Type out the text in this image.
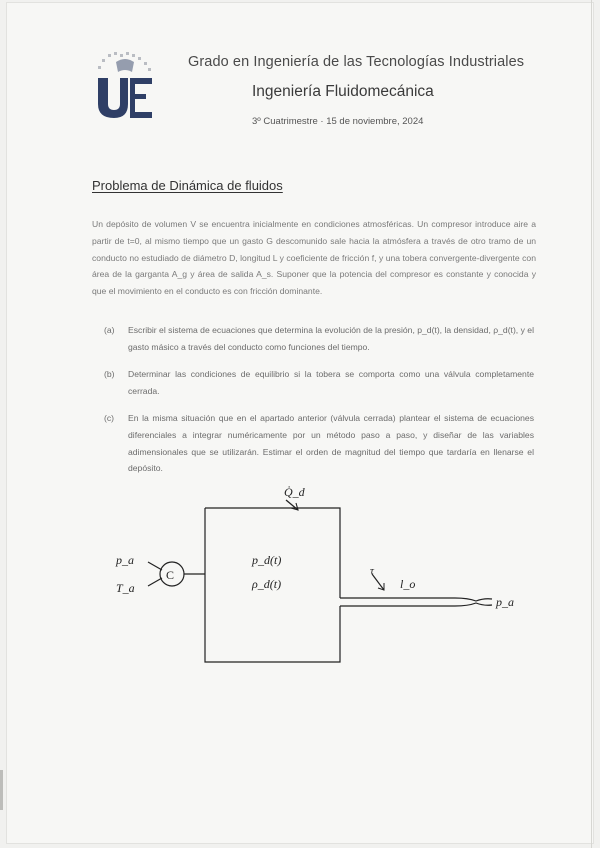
Grado en Ingeniería de las Tecnologías Industriales
Ingeniería Fluidomecánica
3º Cuatrimestre · 15 de noviembre, 2024
Problema de Dinámica de fluidos
Un depósito de volumen V se encuentra inicialmente en condiciones atmosféricas. Un compresor introduce aire a partir de t=0, al mismo tiempo que un gasto G descomunido sale hacia la atmósfera a través de otro tramo de un conducto no estudiado de diámetro D, longitud L y coeficiente de fricción f, y una tobera convergente-divergente con área de la garganta A_g y área de salida A_s. Suponer que la potencia del compresor es constante y conocida y que el movimiento en el conducto es con fricción dominante.
(a)	Escribir el sistema de ecuaciones que determina la evolución de la presión, p_d(t), la densidad, ρ_d(t), y el gasto másico a través del conducto como funciones del tiempo.
(b)	Determinar las condiciones de equilibrio si la tobera se comporta como una válvula completamente cerrada.
(c)	En la misma situación que en el apartado anterior (válvula cerrada) plantear el sistema de ecuaciones diferenciales a integrar numéricamente por un método paso a paso, y diseñar de las variables adimensionales que se utilizarán. Estimar el orden de magnitud del tiempo que tardaría en llenarse el depósito.
Q̇_d
C
p_a
T_a
p_d(t)
ρ_d(t)
τ
l_o
p_a
